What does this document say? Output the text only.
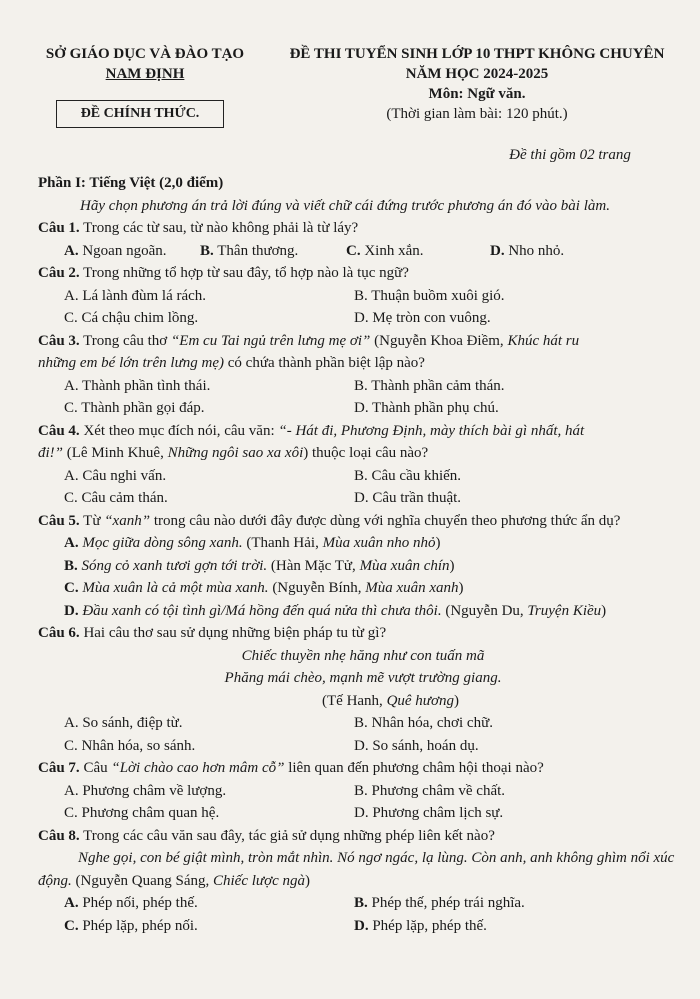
SỞ GIÁO DỤC VÀ ĐÀO TẠO
NAM ĐỊNH
ĐỀ CHÍNH THỨC.
ĐỀ THI TUYỂN SINH LỚP 10 THPT KHÔNG CHUYÊN
NĂM HỌC 2024-2025
Môn: Ngữ văn.
(Thời gian làm bài: 120 phút.)
Đề thi gồm 02 trang
Phần I: Tiếng Việt (2,0 điểm)
Hãy chọn phương án trả lời đúng và viết chữ cái đứng trước phương án đó vào bài làm.
Câu 1. Trong các từ sau, từ nào không phải là từ láy?
A. Ngoan ngoãn.	B. Thân thương.	C. Xinh xắn.	D. Nho nhỏ.
Câu 2. Trong những tổ hợp từ sau đây, tổ hợp nào là tục ngữ?
A. Lá lành đùm lá rách.	B. Thuận buồm xuôi gió.
C. Cá chậu chim lồng.	D. Mẹ tròn con vuông.
Câu 3. Trong câu thơ “Em cu Tai ngủ trên lưng mẹ ơi” (Nguyễn Khoa Điềm, Khúc hát ru
những em bé lớn trên lưng mẹ) có chứa thành phần biệt lập nào?
A. Thành phần tình thái.	B. Thành phần cảm thán.
C. Thành phần gọi đáp.	D. Thành phần phụ chú.
Câu 4. Xét theo mục đích nói, câu văn: “- Hát đi, Phương Định, mày thích bài gì nhất, hát
đi!” (Lê Minh Khuê, Những ngôi sao xa xôi) thuộc loại câu nào?
A. Câu nghi vấn.	B. Câu cầu khiến.
C. Câu cảm thán.	D. Câu trần thuật.
Câu 5. Từ “xanh” trong câu nào dưới đây được dùng với nghĩa chuyển theo phương thức ẩn dụ?
A. Mọc giữa dòng sông xanh. (Thanh Hải, Mùa xuân nho nhỏ)
B. Sóng cỏ xanh tươi gợn tới trời. (Hàn Mặc Tử, Mùa xuân chín)
C. Mùa xuân là cả một mùa xanh. (Nguyễn Bính, Mùa xuân xanh)
D. Đầu xanh có tội tình gì/Má hồng đến quá nửa thì chưa thôi. (Nguyễn Du, Truyện Kiều)
Câu 6. Hai câu thơ sau sử dụng những biện pháp tu từ gì?
Chiếc thuyền nhẹ hăng như con tuấn mã
Phăng mái chèo, mạnh mẽ vượt trường giang.
(Tế Hanh, Quê hương)
A. So sánh, điệp từ.	B. Nhân hóa, chơi chữ.
C. Nhân hóa, so sánh.	D. So sánh, hoán dụ.
Câu 7. Câu “Lời chào cao hơn mâm cỗ” liên quan đến phương châm hội thoại nào?
A. Phương châm về lượng.	B. Phương châm về chất.
C. Phương châm quan hệ.	D. Phương châm lịch sự.
Câu 8. Trong các câu văn sau đây, tác giả sử dụng những phép liên kết nào?
Nghe gọi, con bé giật mình, tròn mắt nhìn. Nó ngơ ngác, lạ lùng. Còn anh, anh không ghìm nổi xúc động. (Nguyễn Quang Sáng, Chiếc lược ngà)
A. Phép nối, phép thế.	B. Phép thế, phép trái nghĩa.
C. Phép lặp, phép nối.	D. Phép lặp, phép thế.
